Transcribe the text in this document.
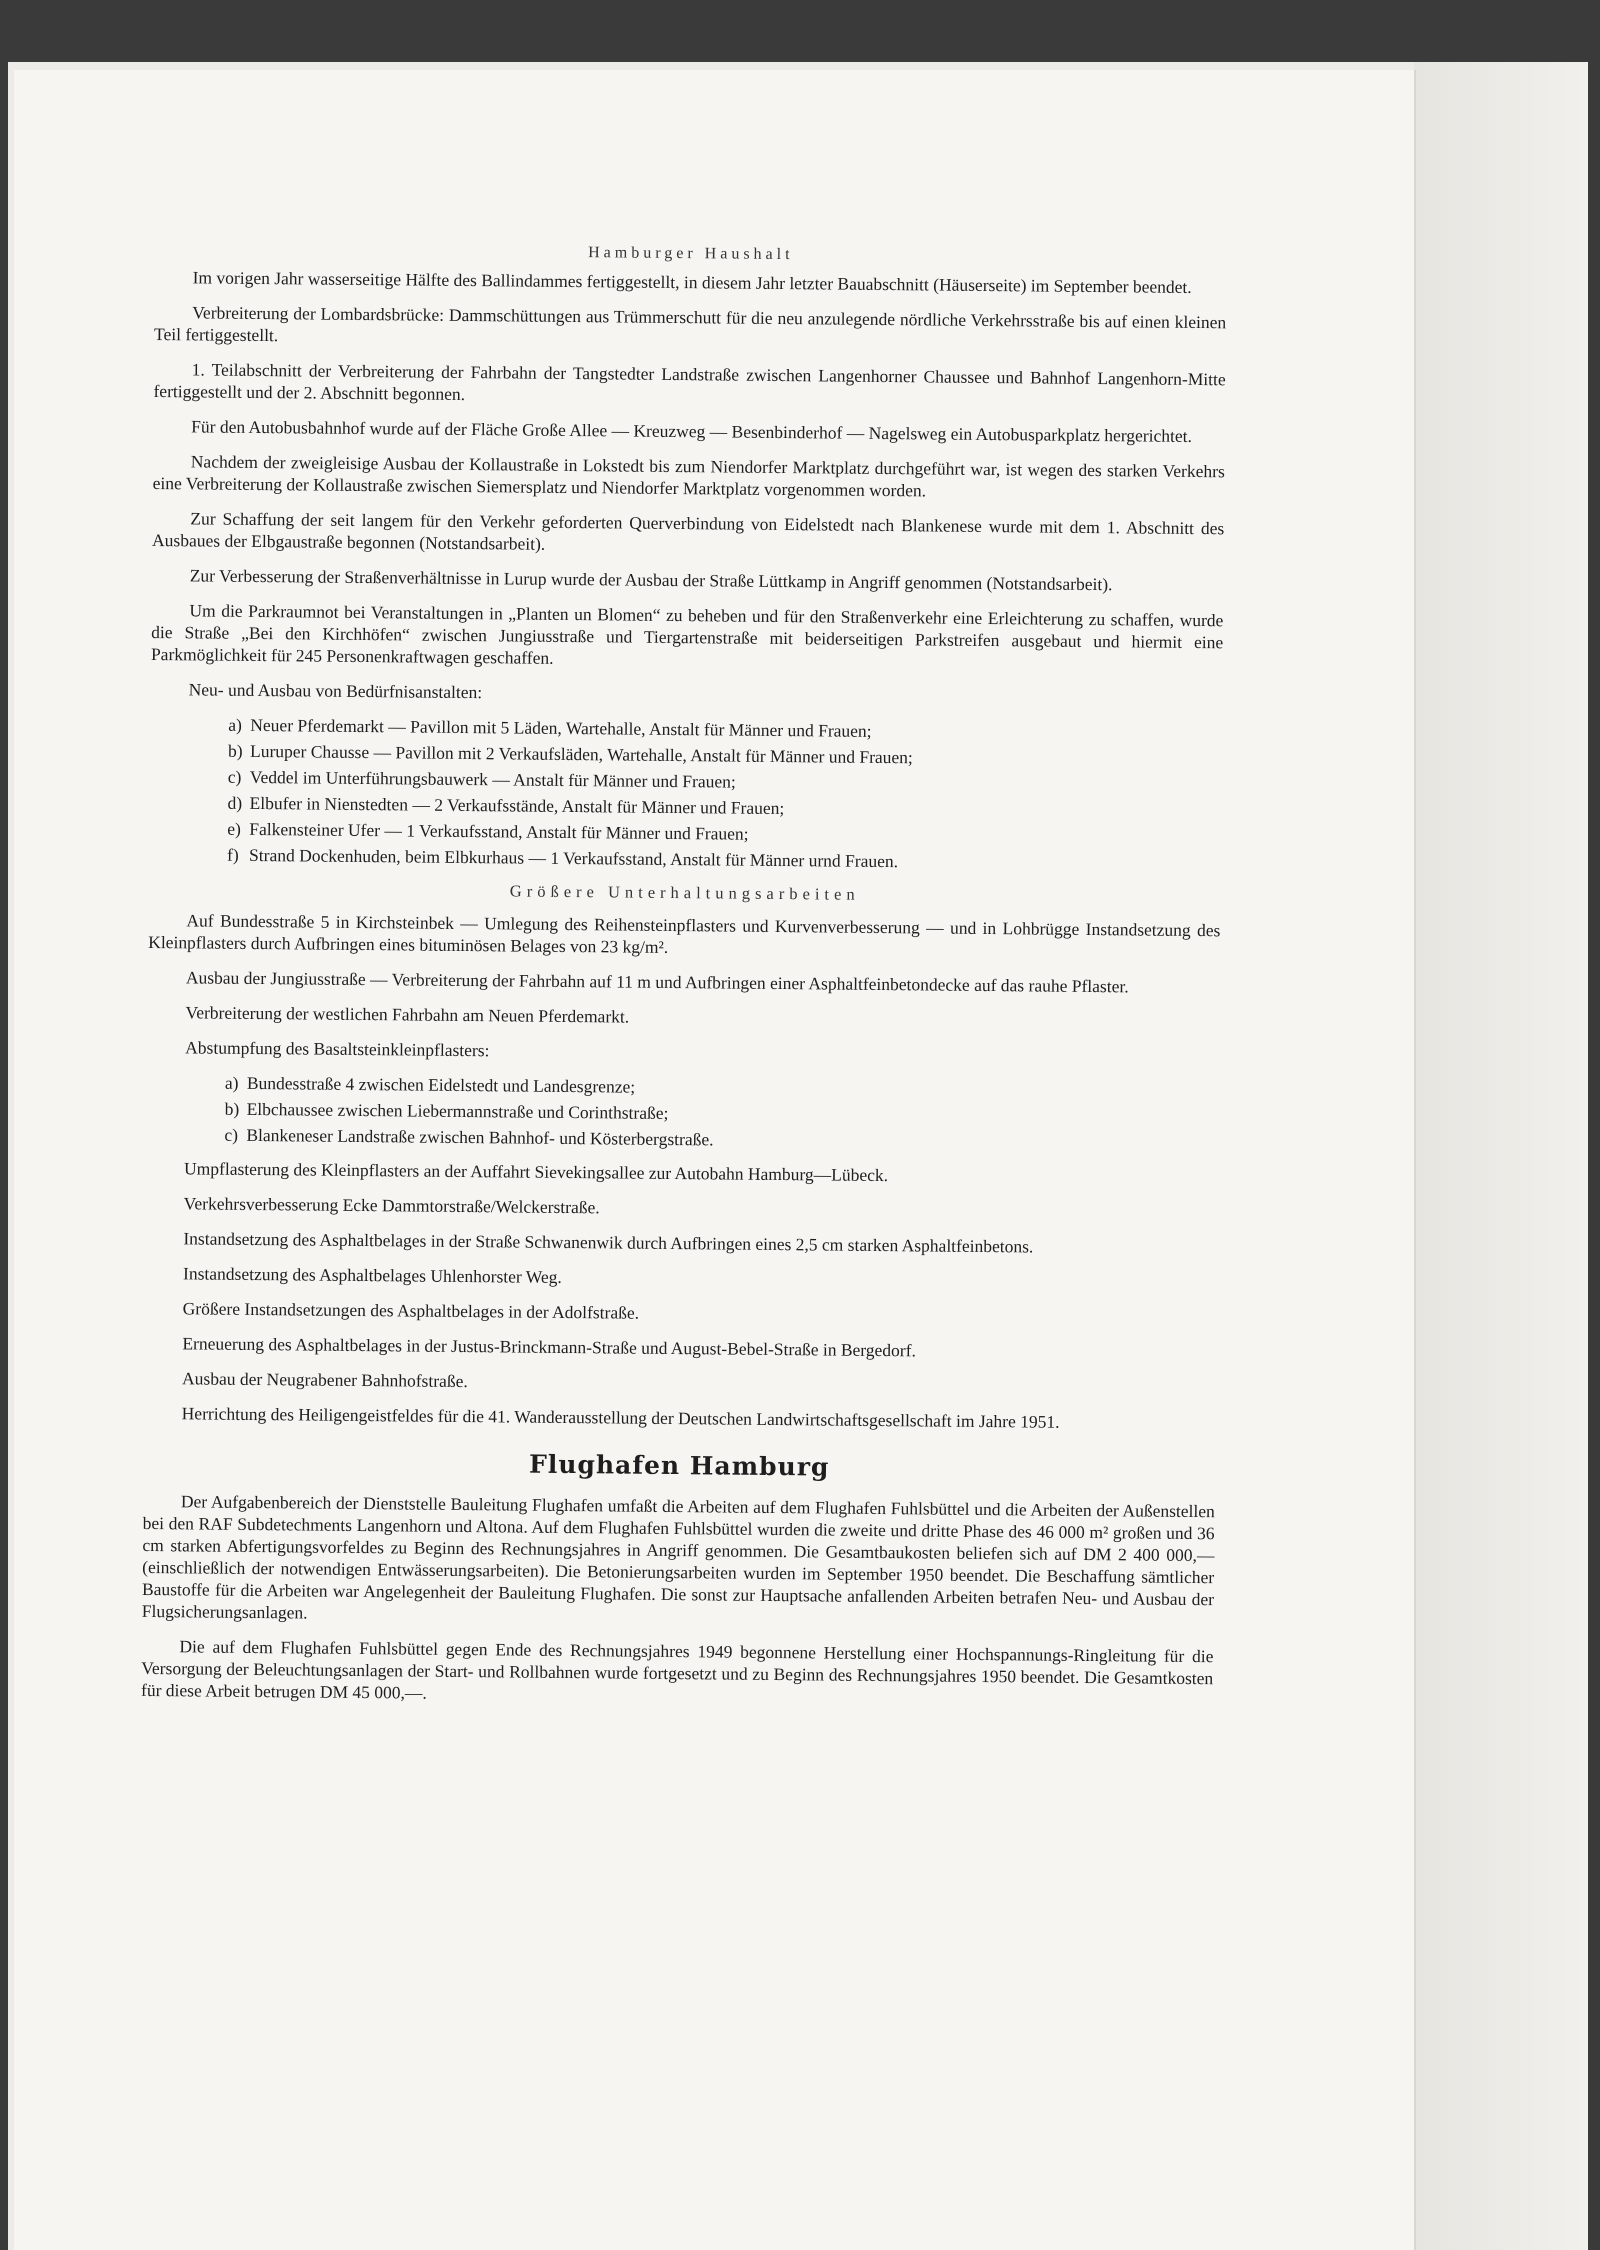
Hamburger Haushalt

Im vorigen Jahr wasserseitige Hälfte des Ballindammes fertiggestellt, in diesem Jahr letzter Bauabschnitt (Häuserseite) im September beendet.

Verbreiterung der Lombardsbrücke: Dammschüttungen aus Trümmerschutt für die neu anzulegende nördliche Verkehrsstraße bis auf einen kleinen Teil fertiggestellt.

1. Teilabschnitt der Verbreiterung der Fahrbahn der Tangstedter Landstraße zwischen Langenhorner Chaussee und Bahnhof Langenhorn-Mitte fertiggestellt und der 2. Abschnitt begonnen.

Für den Autobusbahnhof wurde auf der Fläche Große Allee — Kreuzweg — Besenbinderhof — Nagelsweg ein Autobusparkplatz hergerichtet.

Nachdem der zweigleisige Ausbau der Kollaustraße in Lokstedt bis zum Niendorfer Marktplatz durchgeführt war, ist wegen des starken Verkehrs eine Verbreiterung der Kollaustraße zwischen Siemersplatz und Niendorfer Marktplatz vorgenommen worden.

Zur Schaffung der seit langem für den Verkehr geforderten Querverbindung von Eidelstedt nach Blankenese wurde mit dem 1. Abschnitt des Ausbaues der Elbgaustraße begonnen (Notstandsarbeit).

Zur Verbesserung der Straßenverhältnisse in Lurup wurde der Ausbau der Straße Lüttkamp in Angriff genommen (Notstandsarbeit).

Um die Parkraumnot bei Veranstaltungen in „Planten un Blomen“ zu beheben und für den Straßenverkehr eine Erleichterung zu schaffen, wurde die Straße „Bei den Kirchhöfen“ zwischen Jungiusstraße und Tiergartenstraße mit beiderseitigen Parkstreifen ausgebaut und hiermit eine Parkmöglichkeit für 245 Personenkraftwagen geschaffen.

Neu- und Ausbau von Bedürfnisanstalten:

a) Neuer Pferdemarkt — Pavillon mit 5 Läden, Wartehalle, Anstalt für Männer und Frauen;
b) Luruper Chausse — Pavillon mit 2 Verkaufsläden, Wartehalle, Anstalt für Männer und Frauen;
c) Veddel im Unterführungsbauwerk — Anstalt für Männer und Frauen;
d) Elbufer in Nienstedten — 2 Verkaufsstände, Anstalt für Männer und Frauen;
e) Falkensteiner Ufer — 1 Verkaufsstand, Anstalt für Männer und Frauen;
f) Strand Dockenhuden, beim Elbkurhaus — 1 Verkaufsstand, Anstalt für Männer urnd Frauen.
Größere Unterhaltungsarbeiten

Auf Bundesstraße 5 in Kirchsteinbek — Umlegung des Reihensteinpflasters und Kurvenverbesserung — und in Lohbrügge Instandsetzung des Kleinpflasters durch Aufbringen eines bituminösen Belages von 23 kg/m².

Ausbau der Jungiusstraße — Verbreiterung der Fahrbahn auf 11 m und Aufbringen einer Asphaltfeinbetondecke auf das rauhe Pflaster.

Verbreiterung der westlichen Fahrbahn am Neuen Pferdemarkt.

Abstumpfung des Basaltsteinkleinpflasters:

a) Bundesstraße 4 zwischen Eidelstedt und Landesgrenze;
b) Elbchaussee zwischen Liebermannstraße und Corinthstraße;
c) Blankeneser Landstraße zwischen Bahnhof- und Kösterbergstraße.

Umpflasterung des Kleinpflasters an der Auffahrt Sievekingsallee zur Autobahn Hamburg—Lübeck.

Verkehrsverbesserung Ecke Dammtorstraße/Welckerstraße.

Instandsetzung des Asphaltbelages in der Straße Schwanenwik durch Aufbringen eines 2,5 cm starken Asphaltfeinbetons.

Instandsetzung des Asphaltbelages Uhlenhorster Weg.

Größere Instandsetzungen des Asphaltbelages in der Adolfstraße.

Erneuerung des Asphaltbelages in der Justus-Brinckmann-Straße und August-Bebel-Straße in Bergedorf.

Ausbau der Neugrabener Bahnhofstraße.

Herrichtung des Heiligengeistfeldes für die 41. Wanderausstellung der Deutschen Landwirtschaftsgesellschaft im Jahre 1951.

Flughafen Hamburg

Der Aufgabenbereich der Dienststelle Bauleitung Flughafen umfaßt die Arbeiten auf dem Flughafen Fuhlsbüttel und die Arbeiten der Außenstellen bei den RAF Subdetechments Langenhorn und Altona. Auf dem Flughafen Fuhlsbüttel wurden die zweite und dritte Phase des 46 000 m² großen und 36 cm starken Abfertigungsvorfeldes zu Beginn des Rechnungsjahres in Angriff genommen. Die Gesamtbaukosten beliefen sich auf DM 2 400 000,— (einschließlich der notwendigen Entwässerungsarbeiten). Die Betonierungsarbeiten wurden im September 1950 beendet. Die Beschaffung sämtlicher Baustoffe für die Arbeiten war Angelegenheit der Bauleitung Flughafen. Die sonst zur Hauptsache anfallenden Arbeiten betrafen Neu- und Ausbau der Flugsicherungsanlagen.

Die auf dem Flughafen Fuhlsbüttel gegen Ende des Rechnungsjahres 1949 begonnene Herstellung einer Hochspannungs-Ringleitung für die Versorgung der Beleuchtungsanlagen der Start- und Rollbahnen wurde fortgesetzt und zu Beginn des Rechnungsjahres 1950 beendet. Die Gesamtkosten für diese Arbeit betrugen DM 45 000,—.
